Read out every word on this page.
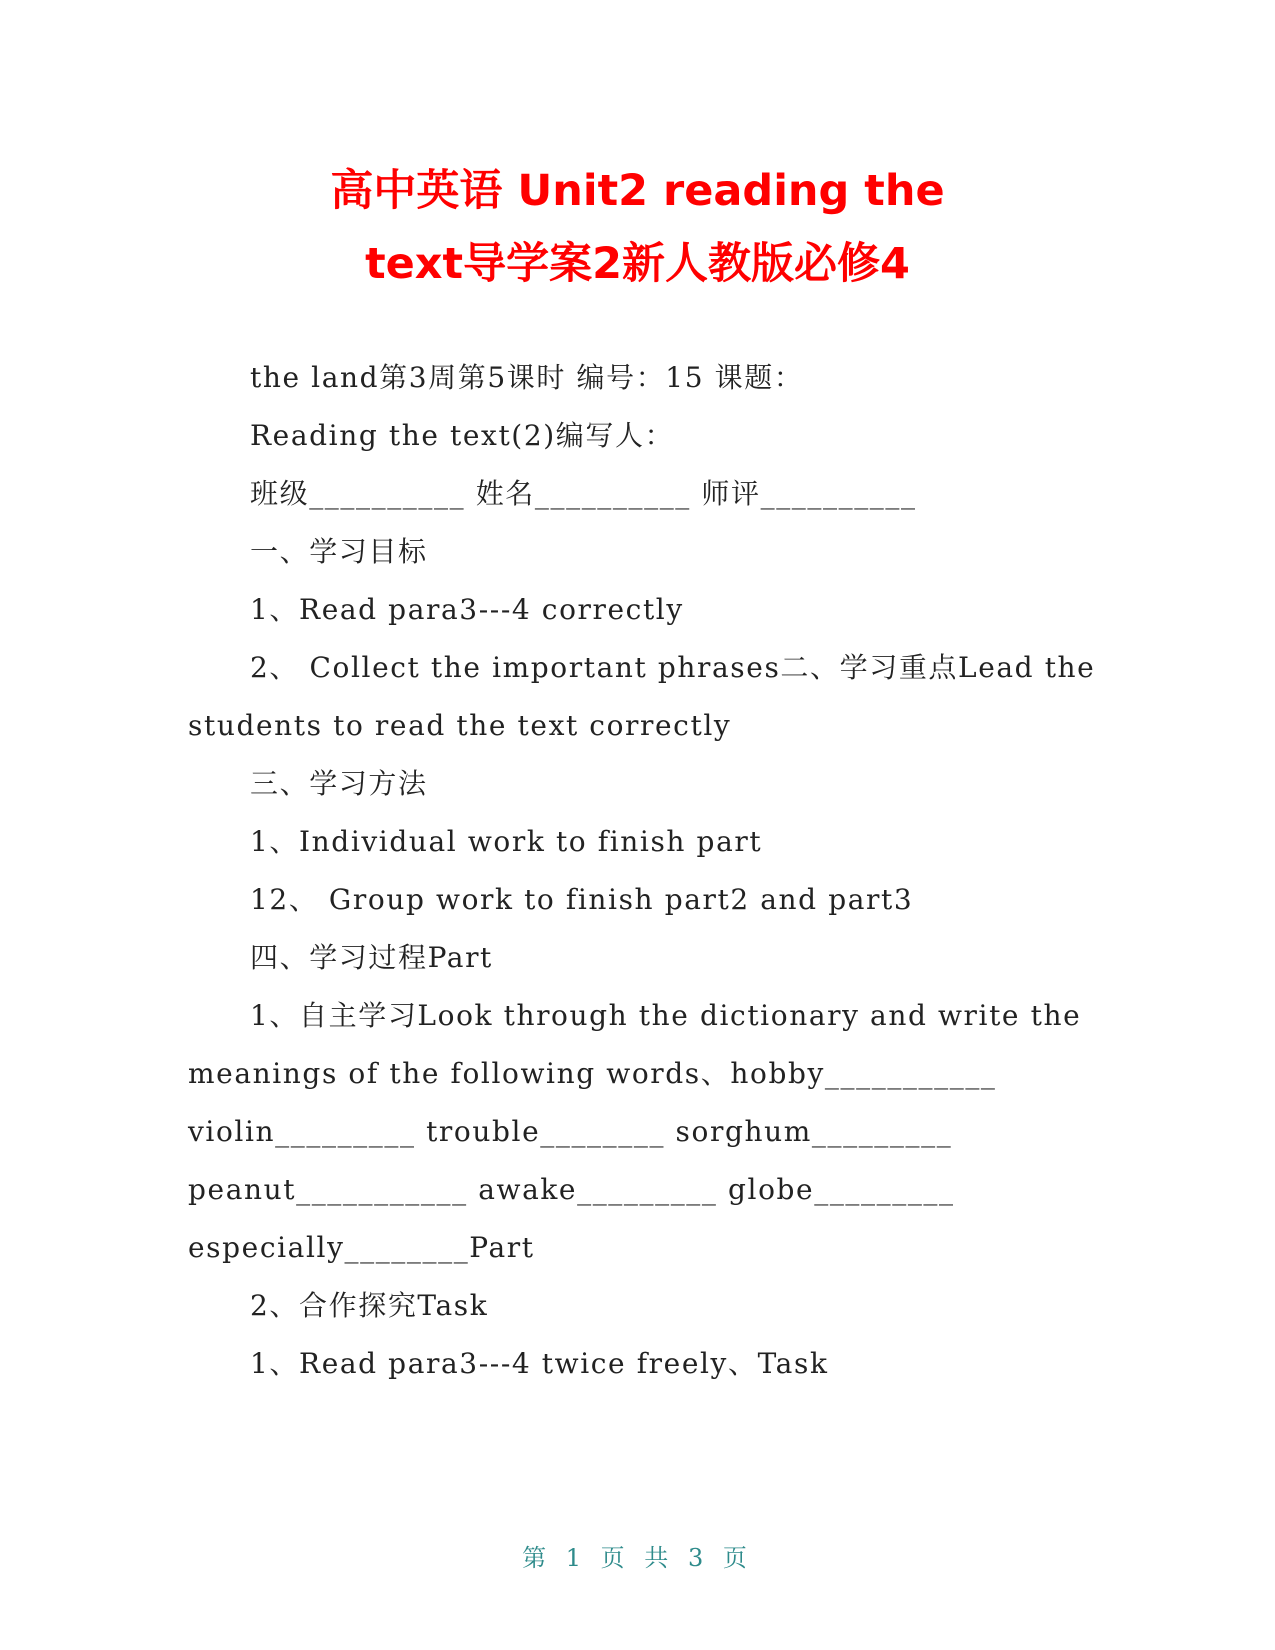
高中英语 Unit2 reading the
text导学案2新人教版必修4

the land第3周第5课时 编号：15 课题：

Reading the text(2)编写人：

班级__________ 姓名__________ 师评__________

一、学习目标

1、Read para3---4 correctly

2、 Collect the important phrases二、学习重点Lead the

students to read the text correctly

三、学习方法

1、Individual work to finish part

12、 Group work to finish part2 and part3

四、学习过程Part

1、自主学习Look through the dictionary and write the

meanings of the following words、hobby___________

violin_________ trouble________ sorghum_________

peanut___________ awake_________ globe_________

especially________Part

2、合作探究Task

1、Read para3---4 twice freely、Task

第 1 页 共 3 页
